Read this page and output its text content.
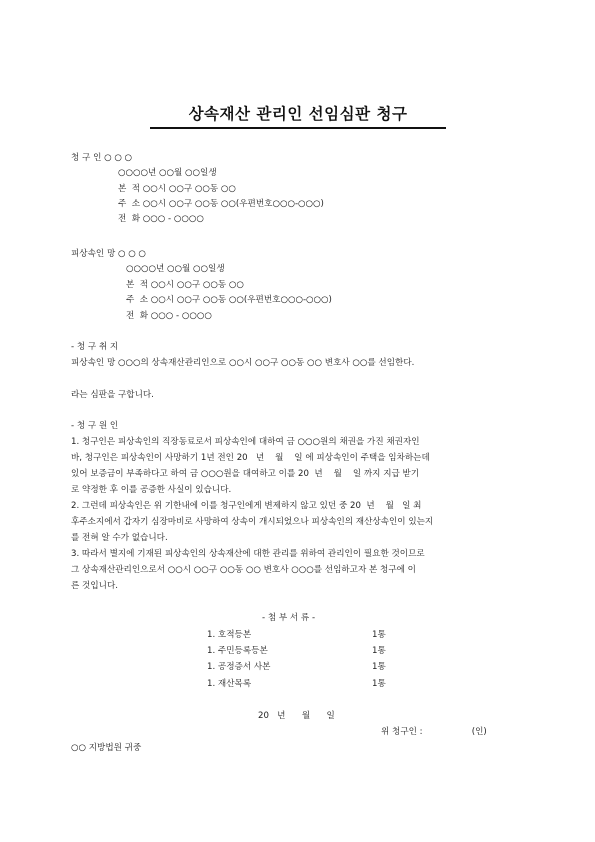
상속재산 관리인 선임심판 청구
청 구 인 ○ ○ ○
○○○○년 ○○월 ○○일생
본  적 ○○시 ○○구 ○○동 ○○
주  소 ○○시 ○○구 ○○동 ○○(우편번호○○○-○○○)
전  화 ○○○ - ○○○○
피상속인 망 ○ ○ ○
○○○○년 ○○월 ○○일생
본  적 ○○시 ○○구 ○○동 ○○
주  소 ○○시 ○○구 ○○동 ○○(우편번호○○○-○○○)
전  화 ○○○ - ○○○○
- 청 구 취 지
피상속인 망 ○○○의 상속재산관리인으로 ○○시 ○○구 ○○동 ○○ 변호사 ○○를 선임한다.
라는 심판을 구합니다.
- 청 구 원 인
1. 청구인은 피상속인의 직장동료로서 피상속인에 대하여 금 ○○○원의 채권을 가진 채권자인
바, 청구인은 피상속인이 사망하기 1년 전인 20   년    월    일 에 피상속인이 주택을 임차하는데
있어 보증금이 부족하다고 하여 금 ○○○원을 대여하고 이를 20  년    월    일 까지 지급 받기
로 약정한 후 이를 공증한 사실이 있습니다.
2. 그런데 피상속인은 위 기한내에 이를 청구인에게 변제하지 않고 있던 중 20  년    월   일 최
후주소지에서 갑자기 심장마비로 사망하여 상속이 개시되었으나 피상속인의 재산상속인이 있는지
를 전혀 알 수가 없습니다.
3. 따라서 별지에 기재된 피상속인의 상속재산에 대한 관리를 위하여 관리인이 필요한 것이므로
그 상속재산관리인으로서 ○○시 ○○구 ○○동 ○○ 변호사 ○○○를 선임하고자 본 청구에 이
른 것입니다.
- 첨 부 서 류 -
1. 호적등본	1통
1. 주민등록등본	1통
1. 공정증서 사본	1통
1. 재산목록	1통
20   년      월      일
위 청구인 :                  (인)
○○ 지방법원 귀중
